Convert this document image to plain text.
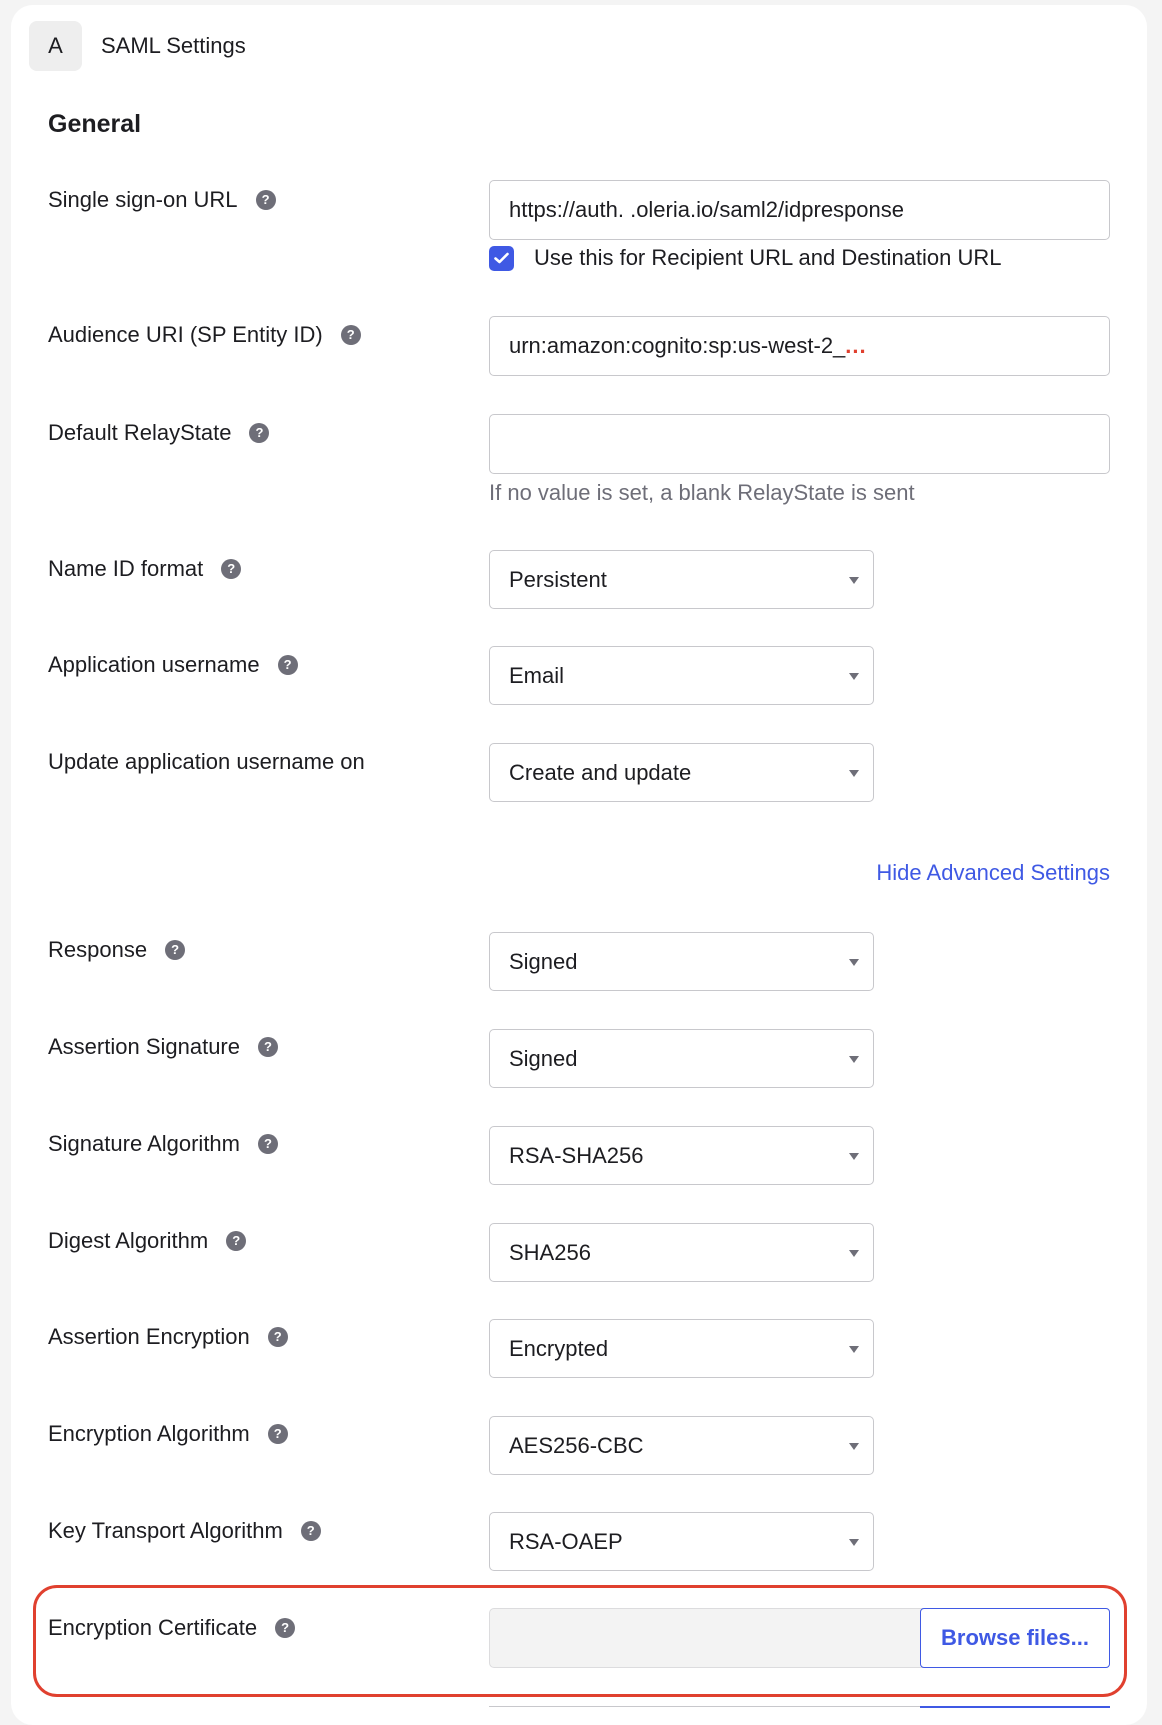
A	SAML Settings
General
Single sign-on URL	?	https://auth. .oleria.io/saml2/idpresponse
Use this for Recipient URL and Destination URL
Audience URI (SP Entity ID)	?	urn:amazon:cognito:sp:us-west-2_...
Default RelayState	?
If no value is set, a blank RelayState is sent
Name ID format	?	Persistent
Application username	?	Email
Update application username on	Create and update
Hide Advanced Settings
Response	?	Signed
Assertion Signature	?	Signed
Signature Algorithm	?	RSA-SHA256
Digest Algorithm	?	SHA256
Assertion Encryption	?	Encrypted
Encryption Algorithm	?	AES256-CBC
Key Transport Algorithm	?	RSA-OAEP
Encryption Certificate	?	Browse files...
